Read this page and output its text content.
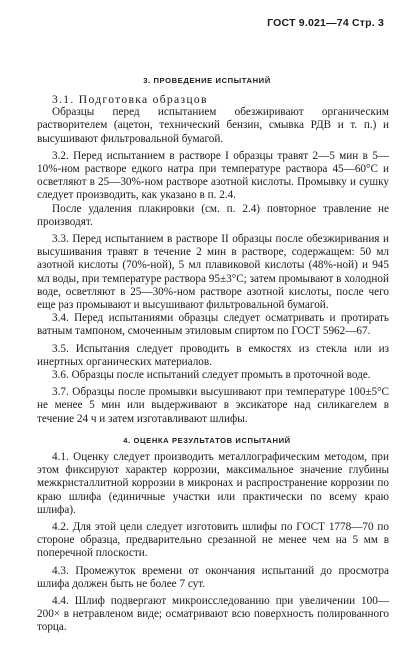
ГОСТ 9.021—74 Стр. 3
3. ПРОВЕДЕНИЕ ИСПЫТАНИЙ

3.1. Подготовка образцов

Образцы перед испытанием обезжиривают органическим растворителем (ацетон, технический бензин, смывка РДВ и т. п.) и высушивают фильтровальной бумагой.

3.2. Перед испытанием в растворе I образцы травят 2—5 мин в 5—10%-ном растворе едкого натра при температуре раствора 45—60°С и осветляют в 25—30%-ном растворе азотной кислоты. Промывку и сушку следует производить, как указано в п. 2.4.

После удаления плакировки (см. п. 2.4) повторное травление не производят.

3.3. Перед испытанием в растворе II образцы после обезжиривания и высушивания травят в течение 2 мин в растворе, содержащем: 50 мл азотной кислоты (70%-ной), 5 мл плавиковой кислоты (48%-ной) и 945 мл воды, при температуре раствора 95±3°С; затем промывают в холодной воде, осветляют в 25—30%-ном растворе азотной кислоты, после чего еще раз промывают и высушивают фильтровальной бумагой.

3.4. Перед испытаниями образцы следует осматривать и протирать ватным тампоном, смоченным этиловым спиртом по ГОСТ 5962—67.

3.5. Испытания следует проводить в емкостях из стекла или из инертных органических материалов.

3.6. Образцы после испытаний следует промыть в проточной воде.

3.7. Образцы после промывки высушивают при температуре 100±5°С не менее 5 мин или выдерживают в эксикаторе над силикагелем в течение 24 ч и затем изготавливают шлифы.

4. ОЦЕНКА РЕЗУЛЬТАТОВ ИСПЫТАНИЙ

4.1. Оценку следует производить металлографическим методом, при этом фиксируют характер коррозии, максимальное значение глубины межкристаллитной коррозии в микронах и распространение коррозии по краю шлифа (единичные участки или практически по всему краю шлифа).

4.2. Для этой цели следует изготовить шлифы по ГОСТ 1778—70 по стороне образца, предварительно срезанной не менее чем на 5 мм в поперечной плоскости.

4.3. Промежуток времени от окончания испытаний до просмотра шлифа должен быть не более 7 сут.

4.4. Шлиф подвергают микроисследованию при увеличении 100—200× в нетравленом виде; осматривают всю поверхность полированного торца.
